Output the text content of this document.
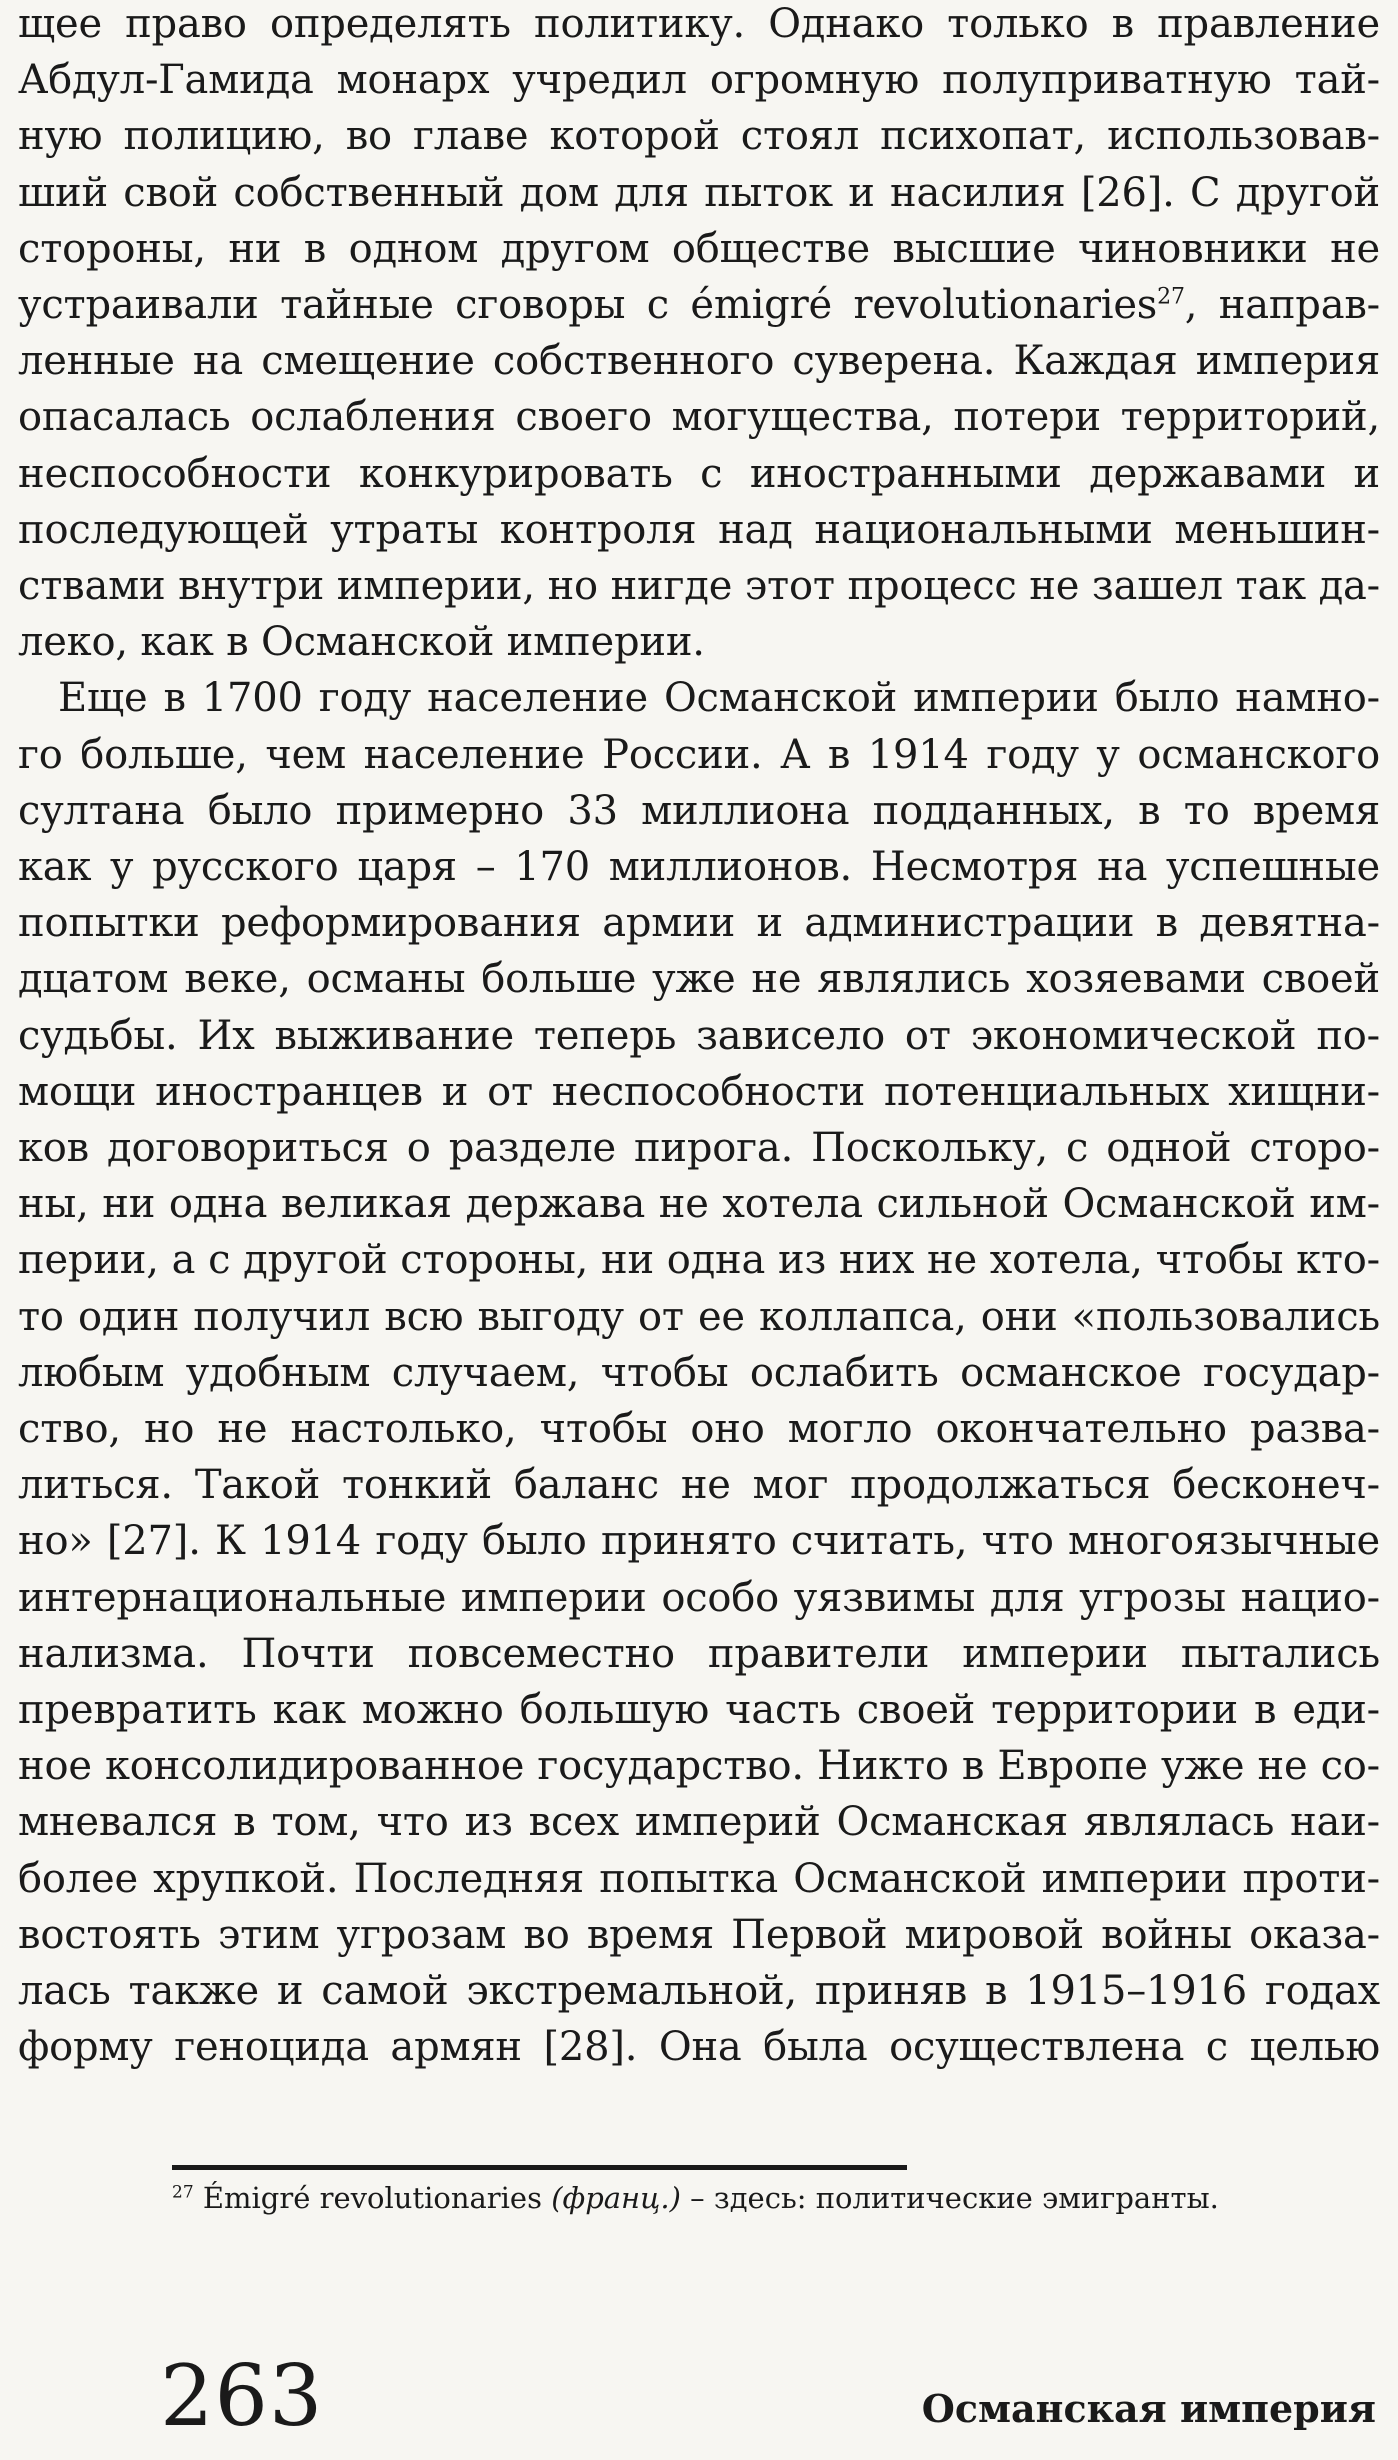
щее право определять политику. Однако только в правление
Абдул-Гамида монарх учредил огромную полуприватную тай-
ную полицию, во главе которой стоял психопат, использовав-
ший свой собственный дом для пыток и насилия [26]. С другой
стороны, ни в одном другом обществе высшие чиновники не
устраивали тайные сговоры с émigré revolutionaries$^{27}$, направ-
ленные на смещение собственного суверена. Каждая империя
опасалась ослабления своего могущества, потери территорий,
неспособности конкурировать с иностранными державами и
последующей утраты контроля над национальными меньшин-
ствами внутри империи, но нигде этот процесс не зашел так да-
леко, как в Османской империи.
Еще в 1700 году население Османской империи было намно-
го больше, чем население России. А в 1914 году у османского
султана было примерно 33 миллиона подданных, в то время
как у русского царя – 170 миллионов. Несмотря на успешные
попытки реформирования армии и администрации в девятна-
дцатом веке, османы больше уже не являлись хозяевами своей
судьбы. Их выживание теперь зависело от экономической по-
мощи иностранцев и от неспособности потенциальных хищни-
ков договориться о разделе пирога. Поскольку, с одной сторо-
ны, ни одна великая держава не хотела сильной Османской им-
перии, а с другой стороны, ни одна из них не хотела, чтобы кто-
то один получил всю выгоду от ее коллапса, они «пользовались
любым удобным случаем, чтобы ослабить османское государ-
ство, но не настолько, чтобы оно могло окончательно разва-
литься. Такой тонкий баланс не мог продолжаться бесконеч-
но» [27]. К 1914 году было принято считать, что многоязычные
интернациональные империи особо уязвимы для угрозы нацио-
нализма. Почти повсеместно правители империи пытались
превратить как можно большую часть своей территории в еди-
ное консолидированное государство. Никто в Европе уже не со-
мневался в том, что из всех империй Османская являлась наи-
более хрупкой. Последняя попытка Османской империи проти-
востоять этим угрозам во время Первой мировой войны оказа-
лась также и самой экстремальной, приняв в 1915–1916 годах
форму геноцида армян [28]. Она была осуществлена с целью
$^{27}$ Émigré revolutionaries (франц.) – здесь: политические эмигранты.
263	Османская империя
